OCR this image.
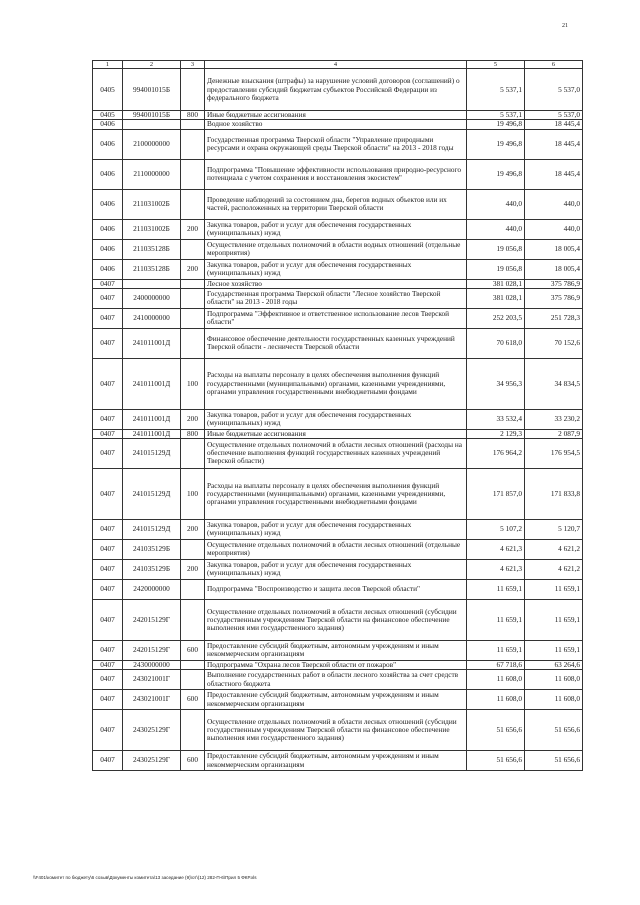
21
1	2	3	4	5	6
0405	994001015Б		Денежные взыскания (штрафы) за нарушение условий договоров (соглашений) о предоставлении субсидий бюджетам субъектов Российской Федерации из федерального бюджета	5 537,1	5 537,0
0405	994001015Б	800	Иные бюджетные ассигнования	5 537,1	5 537,0
0406			Водное хозяйство	19 496,8	18 445,4
0406	2100000000		Государственная программа Тверской области "Управление природными ресурсами и охрана окружающей среды Тверской области" на 2013 - 2018 годы	19 496,8	18 445,4
0406	2110000000		Подпрограмма "Повышение эффективности использования природно-ресурсного потенциала с учетом сохранения и восстановления экосистем"	19 496,8	18 445,4
0406	211031002Б		Проведение наблюдений за состоянием дна, берегов водных объектов или их частей, расположенных на территории Тверской области	440,0	440,0
0406	211031002Б	200	Закупка товаров, работ и услуг для обеспечения государственных (муниципальных) нужд	440,0	440,0
0406	211035128Б		Осуществление отдельных полномочий в области водных отношений (отдельные мероприятия)	19 056,8	18 005,4
0406	211035128Б	200	Закупка товаров, работ и услуг для обеспечения государственных (муниципальных) нужд	19 056,8	18 005,4
0407			Лесное хозяйство	381 028,1	375 786,9
0407	2400000000		Государственная программа Тверской области "Лесное хозяйство Тверской области" на 2013 - 2018 годы	381 028,1	375 786,9
0407	2410000000		Подпрограмма "Эффективное и ответственное использование лесов Тверской области"	252 203,5	251 728,3
0407	241011001Д		Финансовое обеспечение деятельности государственных казенных учреждений Тверской области - лесничеств Тверской области	70 618,0	70 152,6
0407	241011001Д	100	Расходы на выплаты персоналу в целях обеспечения выполнения функций государственными (муниципальными) органами, казенными учреждениями, органами управления государственными внебюджетными фондами	34 956,3	34 834,5
0407	241011001Д	200	Закупка товаров, работ и услуг для обеспечения государственных (муниципальных) нужд	33 532,4	33 230,2
0407	241011001Д	800	Иные бюджетные ассигнования	2 129,3	2 087,9
0407	241015129Д		Осуществление отдельных полномочий в области лесных отношений (расходы на обеспечение выполнения функций государственных казенных учреждений Тверской области)	176 964,2	176 954,5
0407	241015129Д	100	Расходы на выплаты персоналу в целях обеспечения выполнения функций государственными (муниципальными) органами, казенными учреждениями, органами управления государственными внебюджетными фондами	171 857,0	171 833,8
0407	241015129Д	200	Закупка товаров, работ и услуг для обеспечения государственных (муниципальных) нужд	5 107,2	5 120,7
0407	241035129Б		Осуществление отдельных полномочий в области лесных отношений (отдельные мероприятия)	4 621,3	4 621,2
0407	241035129Б	200	Закупка товаров, работ и услуг для обеспечения государственных (муниципальных) нужд	4 621,3	4 621,2
0407	2420000000		Подпрограмма "Воспроизводство и защита лесов Тверской области"	11 659,1	11 659,1
0407	242015129Г		Осуществление отдельных полномочий в области лесных отношений (субсидии государственным учреждениям Тверской области на финансовое обеспечение выполнения ими государственного задания)	11 659,1	11 659,1
0407	242015129Г	600	Предоставление субсидий бюджетным, автономным учреждениям и иным некоммерческим организациям	11 659,1	11 659,1
0407	2430000000		Подпрограмма "Охрана лесов Тверской области от пожаров"	67 718,6	63 264,6
0407	243021001Г		Выполнение государственных работ в области лесного хозяйства за счет средств областного бюджета	11 608,0	11 608,0
0407	243021001Г	600	Предоставление субсидий бюджетным, автономным учреждениям и иным некоммерческим организациям	11 608,0	11 608,0
0407	243025129Г		Осуществление отдельных полномочий в области лесных отношений (субсидии государственным учреждениям Тверской области на финансовое обеспечение выполнения ими государственного задания)	51 656,6	51 656,6
0407	243025129Г	600	Предоставление субсидий бюджетным, автономным учреждениям и иным некоммерческим организациям	51 656,6	51 656,6
\\F401\комитет по бюджету\6 созыв\Документы комитета\13 заседание (9)\от\(12) 282-П-6\Прил 5 ФКР.xls
